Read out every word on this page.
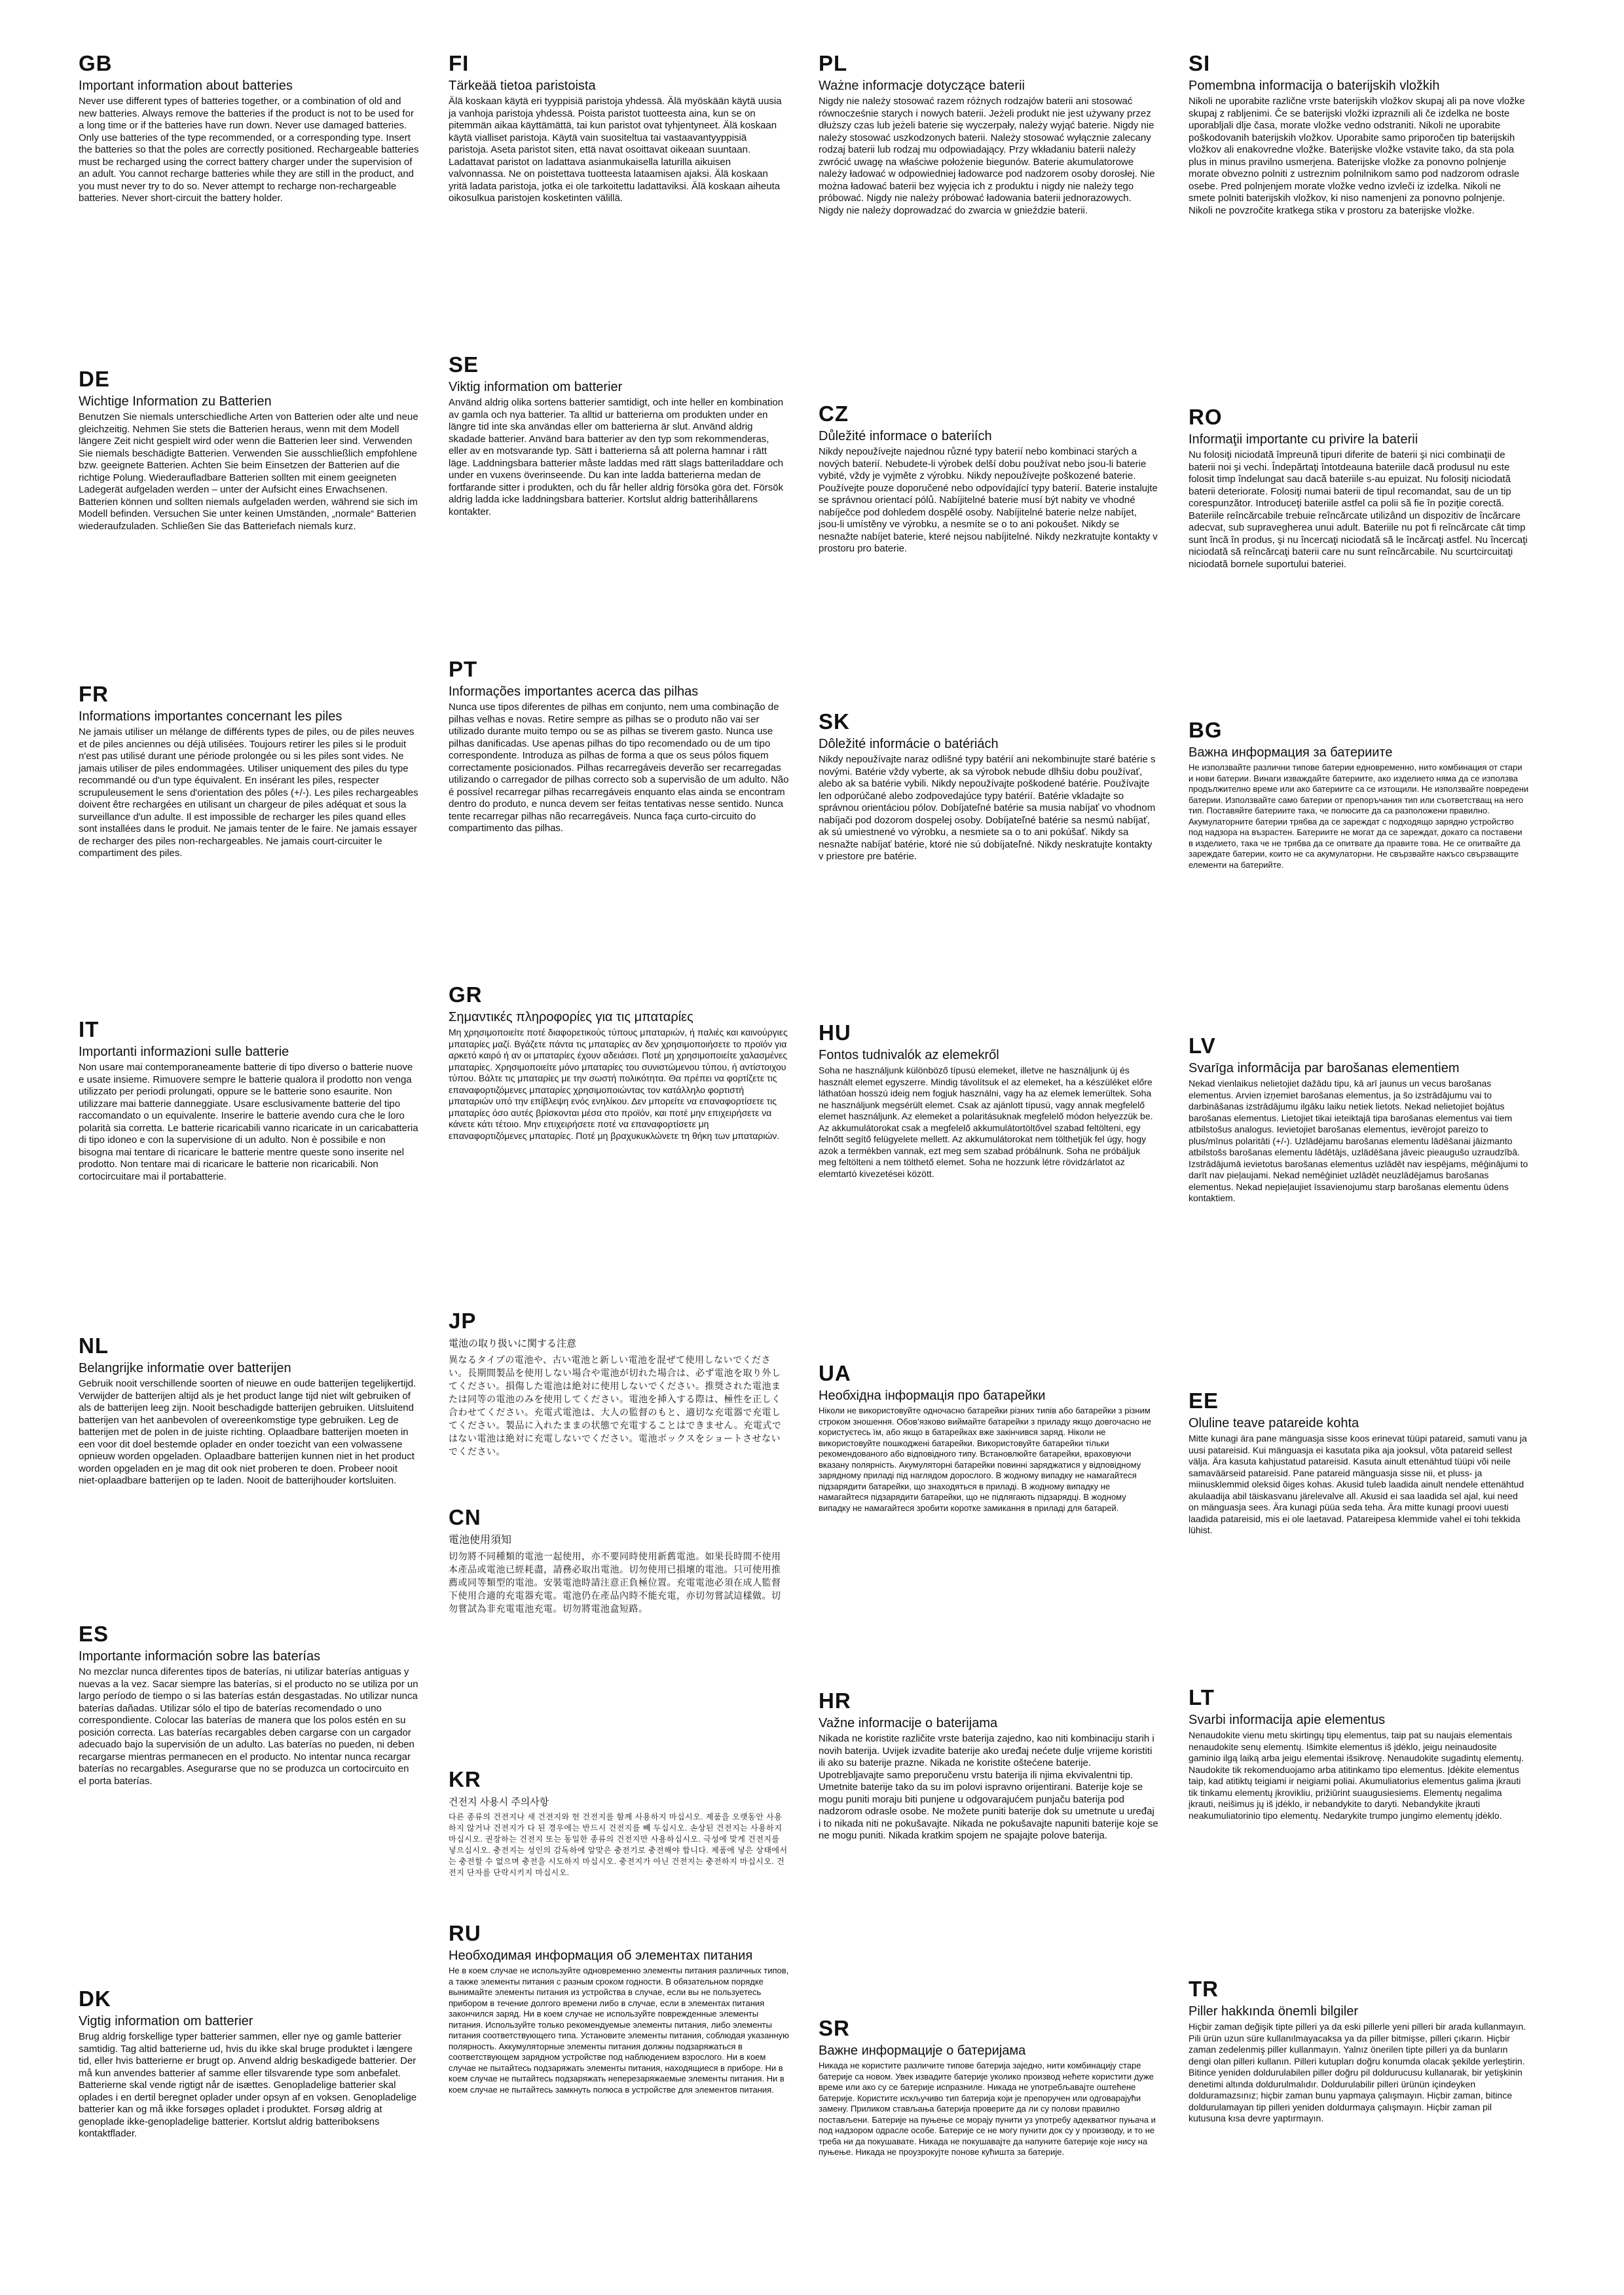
GB
Important information about batteries

Never use different types of batteries together, or a combination of old and new batteries. Always remove the batteries if the product is not to be used for a long time or if the batteries have run down. Never use damaged batteries. Only use batteries of the type recommended, or a corresponding type. Insert the batteries so that the poles are correctly positioned. Rechargeable batteries must be recharged using the correct battery charger under the supervision of an adult. You cannot recharge batteries while they are still in the product, and you must never try to do so. Never attempt to recharge non-rechargeable batteries. Never short-circuit the battery holder.

DE
Wichtige Information zu Batterien

Benutzen Sie niemals unterschiedliche Arten von Batterien oder alte und neue gleichzeitig. Nehmen Sie stets die Batterien heraus, wenn mit dem Modell längere Zeit nicht gespielt wird oder wenn die Batterien leer sind. Verwenden Sie niemals beschädigte Batterien. Verwenden Sie ausschließlich empfohlene bzw. geeignete Batterien. Achten Sie beim Einsetzen der Batterien auf die richtige Polung. Wiederaufladbare Batterien sollten mit einem geeigneten Ladegerät aufgeladen werden – unter der Aufsicht eines Erwachsenen. Batterien können und sollten niemals aufgeladen werden, während sie sich im Modell befinden. Versuchen Sie unter keinen Umständen, „normale“ Batterien wiederaufzuladen. Schließen Sie das Batteriefach niemals kurz.

FR
Informations importantes concernant les piles

Ne jamais utiliser un mélange de différents types de piles, ou de piles neuves et de piles anciennes ou déjà utilisées. Toujours retirer les piles si le produit n'est pas utilisé durant une période prolongée ou si les piles sont vides. Ne jamais utiliser de piles endommagées. Utiliser uniquement des piles du type recommandé ou d'un type équivalent. En insérant les piles, respecter scrupuleusement le sens d'orientation des pôles (+/-). Les piles rechargeables doivent être rechargées en utilisant un chargeur de piles adéquat et sous la surveillance d'un adulte. Il est impossible de recharger les piles quand elles sont installées dans le produit. Ne jamais tenter de le faire. Ne jamais essayer de recharger des piles non-rechargeables. Ne jamais court-circuiter le compartiment des piles.

IT
Importanti informazioni sulle batterie

Non usare mai contemporaneamente batterie di tipo diverso o batterie nuove e usate insieme. Rimuovere sempre le batterie qualora il prodotto non venga utilizzato per periodi prolungati, oppure se le batterie sono esaurite. Non utilizzare mai batterie danneggiate. Usare esclusivamente batterie del tipo raccomandato o un equivalente. Inserire le batterie avendo cura che le loro polarità sia corretta. Le batterie ricaricabili vanno ricaricate in un caricabatteria di tipo idoneo e con la supervisione di un adulto. Non è possibile e non bisogna mai tentare di ricaricare le batterie mentre queste sono inserite nel prodotto. Non tentare mai di ricaricare le batterie non ricaricabili. Non cortocircuitare mai il portabatterie.

NL
Belangrijke informatie over batterijen

Gebruik nooit verschillende soorten of nieuwe en oude batterijen tegelijkertijd. Verwijder de batterijen altijd als je het product lange tijd niet wilt gebruiken of als de batterijen leeg zijn. Nooit beschadigde batterijen gebruiken. Uitsluitend batterijen van het aanbevolen of overeenkomstige type gebruiken. Leg de batterijen met de polen in de juiste richting. Oplaadbare batterijen moeten in een voor dit doel bestemde oplader en onder toezicht van een volwassene opnieuw worden opgeladen. Oplaadbare batterijen kunnen niet in het product worden opgeladen en je mag dit ook niet proberen te doen. Probeer nooit niet-oplaadbare batterijen op te laden. Nooit de batterijhouder kortsluiten.

ES
Importante información sobre las baterías

No mezclar nunca diferentes tipos de baterías, ni utilizar baterías antiguas y nuevas a la vez. Sacar siempre las baterías, si el producto no se utiliza por un largo período de tiempo o si las baterías están desgastadas. No utilizar nunca baterías dañadas. Utilizar sólo el tipo de baterías recomendado o uno correspondiente. Colocar las baterías de manera que los polos estén en su posición correcta. Las baterías recargables deben cargarse con un cargador adecuado bajo la supervisión de un adulto. Las baterías no pueden, ni deben recargarse mientras permanecen en el producto. No intentar nunca recargar baterías no recargables. Asegurarse que no se produzca un cortocircuito en el porta baterías.

DK
Vigtig information om batterier

Brug aldrig forskellige typer batterier sammen, eller nye og gamle batterier samtidig. Tag altid batterierne ud, hvis du ikke skal bruge produktet i længere tid, eller hvis batterierne er brugt op. Anvend aldrig beskadigede batterier. Der må kun anvendes batterier af samme eller tilsvarende type som anbefalet. Batterierne skal vende rigtigt når de isættes. Genopladelige batterier skal oplades i en dertil beregnet oplader under opsyn af en voksen. Genopladelige batterier kan og må ikke forsøges opladet i produktet. Forsøg aldrig at genoplade ikke-genopladelige batterier. Kortslut aldrig batteriboksens kontaktflader.

FI
Tärkeää tietoa paristoista

Älä koskaan käytä eri tyyppisiä paristoja yhdessä. Älä myöskään käytä uusia ja vanhoja paristoja yhdessä. Poista paristot tuotteesta aina, kun se on pitemmän aikaa käyttämättä, tai kun paristot ovat tyhjentyneet. Älä koskaan käytä vialliset paristoja. Käytä vain suositeltua tai vastaavantyyppisiä paristoja. Aseta paristot siten, että navat osoittavat oikeaan suuntaan. Ladattavat paristot on ladattava asianmukaisella laturilla aikuisen valvonnassa. Ne on poistettava tuotteesta lataamisen ajaksi. Älä koskaan yritä ladata paristoja, jotka ei ole tarkoitettu ladattaviksi. Älä koskaan aiheuta oikosulkua paristojen kosketinten välillä.

SE
Viktig information om batterier

Använd aldrig olika sortens batterier samtidigt, och inte heller en kombination av gamla och nya batterier. Ta alltid ur batterierna om produkten under en längre tid inte ska användas eller om batterierna är slut. Använd aldrig skadade batterier. Använd bara batterier av den typ som rekommenderas, eller av en motsvarande typ. Sätt i batterierna så att polerna hamnar i rätt läge. Laddningsbara batterier måste laddas med rätt slags batteriladdare och under en vuxens överinseende. Du kan inte ladda batterierna medan de fortfarande sitter i produkten, och du får heller aldrig försöka göra det. Försök aldrig ladda icke laddningsbara batterier. Kortslut aldrig batterihållarens kontakter.

PT
Informações importantes acerca das pilhas

Nunca use tipos diferentes de pilhas em conjunto, nem uma combinação de pilhas velhas e novas. Retire sempre as pilhas se o produto não vai ser utilizado durante muito tempo ou se as pilhas se tiverem gasto. Nunca use pilhas danificadas. Use apenas pilhas do tipo recomendado ou de um tipo correspondente. Introduza as pilhas de forma a que os seus pólos fiquem correctamente posicionados. Pilhas recarregáveis deverão ser recarregadas utilizando o carregador de pilhas correcto sob a supervisão de um adulto. Não é possível recarregar pilhas recarregáveis enquanto elas ainda se encontram dentro do produto, e nunca devem ser feitas tentativas nesse sentido. Nunca tente recarregar pilhas não recarregáveis. Nunca faça curto-circuito do compartimento das pilhas.

GR
Σημαντικές πληροφορίες για τις μπαταρίες

Μη χρησιμοποιείτε ποτέ διαφορετικούς τύπους μπαταριών, ή παλιές και καινούργιες μπαταρίες μαζί. Βγάζετε πάντα τις μπαταρίες αν δεν χρησιμοποιήσετε το προϊόν για αρκετό καιρό ή αν οι μπαταρίες έχουν αδειάσει. Ποτέ μη χρησιμοποιείτε χαλασμένες μπαταρίες. Χρησιμοποιείτε μόνο μπαταρίες του συνιστώμενου τύπου, ή αντίστοιχου τύπου. Βάλτε τις μπαταρίες με την σωστή πολικότητα. Θα πρέπει να φορτίζετε τις επαναφορτιζόμενες μπαταρίες χρησιμοποιώντας τον κατάλληλο φορτιστή μπαταριών υπό την επίβλεψη ενός ενηλίκου. Δεν μπορείτε να επαναφορτίσετε τις μπαταρίες όσο αυτές βρίσκονται μέσα στο προϊόν, και ποτέ μην επιχειρήσετε να κάνετε κάτι τέτοιο. Μην επιχειρήσετε ποτέ να επαναφορτίσετε μη επαναφορτιζόμενες μπαταρίες. Ποτέ μη βραχυκυκλώνετε τη θήκη των μπαταριών.

JP
電池の取り扱いに関する注意

異なるタイプの電池や、古い電池と新しい電池を混ぜて使用しないでください。長期間製品を使用しない場合や電池が切れた場合は、必ず電池を取り外してください。損傷した電池は絶対に使用しないでください。推奨された電池または同等の電池のみを使用してください。電池を挿入する際は、極性を正しく合わせてください。充電式電池は、大人の監督のもと、適切な充電器で充電してください。製品に入れたままの状態で充電することはできません。充電式ではない電池は絶対に充電しないでください。電池ボックスをショートさせないでください。

CN
電池使用須知

切勿將不同種類的電池一起使用，亦不要同時使用新舊電池。如果長時間不使用本產品或電池已經耗盡，請務必取出電池。切勿使用已損壞的電池。只可使用推薦或同等類型的電池。安裝電池時請注意正負極位置。充電電池必須在成人監督下使用合適的充電器充電。電池仍在產品內時不能充電，亦切勿嘗試這樣做。切勿嘗試為非充電電池充電。切勿將電池盒短路。

KR
건전지 사용시 주의사항

다른 종류의 건전지나 새 건전지와 헌 건전지를 함께 사용하지 마십시오. 제품을 오랫동안 사용하지 않거나 건전지가 다 된 경우에는 반드시 건전지를 빼 두십시오. 손상된 건전지는 사용하지 마십시오. 권장하는 건전지 또는 동일한 종류의 건전지만 사용하십시오. 극성에 맞게 건전지를 넣으십시오. 충전지는 성인의 감독하에 알맞은 충전기로 충전해야 합니다. 제품에 넣은 상태에서는 충전할 수 없으며 충전을 시도하지 마십시오. 충전지가 아닌 건전지는 충전하지 마십시오. 건전지 단자를 단락시키지 마십시오.

RU
Необходимая информация об элементах питания

Не в коем случае не используйте одновременно элементы питания различных типов, а также элементы питания с разным сроком годности. В обязательном порядке вынимайте элементы питания из устройства в случае, если вы не пользуетесь прибором в течение долгого времени либо в случае, если в элементах питания закончился заряд. Ни в коем случае не используйте поврежденные элементы питания. Используйте только рекомендуемые элементы питания, либо элементы питания соответствующего типа. Установите элементы питания, соблюдая указанную полярность. Аккумуляторные элементы питания должны подзаряжаться в соответствующем зарядном устройстве под наблюдением взрослого. Ни в коем случае не пытайтесь подзаряжать элементы питания, находящиеся в приборе. Ни в коем случае не пытайтесь подзаряжать неперезаряжаемые элементы питания. Ни в коем случае не пытайтесь замкнуть полюса в устройстве для элементов питания.

PL
Ważne informacje dotyczące baterii

Nigdy nie należy stosować razem różnych rodzajów baterii ani stosować równocześnie starych i nowych baterii. Jeżeli produkt nie jest używany przez dłuższy czas lub jeżeli baterie się wyczerpały, należy wyjąć baterie. Nigdy nie należy stosować uszkodzonych baterii. Należy stosować wyłącznie zalecany rodzaj baterii lub rodzaj mu odpowiadający. Przy wkładaniu baterii należy zwrócić uwagę na właściwe położenie biegunów. Baterie akumulatorowe należy ładować w odpowiedniej ładowarce pod nadzorem osoby dorosłej. Nie można ładować baterii bez wyjęcia ich z produktu i nigdy nie należy tego próbować. Nigdy nie należy próbować ładowania baterii jednorazowych. Nigdy nie należy doprowadzać do zwarcia w gnieździe baterii.

CZ
Důležité informace o bateriích

Nikdy nepoužívejte najednou různé typy baterií nebo kombinaci starých a nových baterií. Nebudete-li výrobek delší dobu používat nebo jsou-li baterie vybité, vždy je vyjměte z výrobku. Nikdy nepoužívejte poškozené baterie. Používejte pouze doporučené nebo odpovídající typy baterií. Baterie instalujte se správnou orientací pólů. Nabíjitelné baterie musí být nabity ve vhodné nabíječce pod dohledem dospělé osoby. Nabíjitelné baterie nelze nabíjet, jsou-li umístěny ve výrobku, a nesmíte se o to ani pokoušet. Nikdy se nesnažte nabíjet baterie, které nejsou nabíjitelné. Nikdy nezkratujte kontakty v prostoru pro baterie.

SK
Dôležité informácie o batériách

Nikdy nepoužívajte naraz odlišné typy batérií ani nekombinujte staré batérie s novými. Batérie vždy vyberte, ak sa výrobok nebude dlhšiu dobu používať, alebo ak sa batérie vybili. Nikdy nepoužívajte poškodené batérie. Používajte len odporúčané alebo zodpovedajúce typy batérií. Batérie vkladajte so správnou orientáciou pólov. Dobíjateľné batérie sa musia nabíjať vo vhodnom nabíjači pod dozorom dospelej osoby. Dobíjateľné batérie sa nesmú nabíjať, ak sú umiestnené vo výrobku, a nesmiete sa o to ani pokúšať. Nikdy sa nesnažte nabíjať batérie, ktoré nie sú dobíjateľné. Nikdy neskratujte kontakty v priestore pre batérie.

HU
Fontos tudnivalók az elemekről

Soha ne használjunk különböző típusú elemeket, illetve ne használjunk új és használt elemet egyszerre. Mindig távolítsuk el az elemeket, ha a készüléket előre láthatóan hosszú ideig nem fogjuk használni, vagy ha az elemek lemerültek. Soha ne használjunk megsérült elemet. Csak az ajánlott típusú, vagy annak megfelelő elemet használjunk. Az elemeket a polaritásuknak megfelelő módon helyezzük be. Az akkumulátorokat csak a megfelelő akkumulátortöltővel szabad feltölteni, egy felnőtt segítő felügyelete mellett. Az akkumulátorokat nem tölthetjük fel úgy, hogy azok a termékben vannak, ezt meg sem szabad próbálnunk. Soha ne próbáljuk meg feltölteni a nem tölthető elemet. Soha ne hozzunk létre rövidzárlatot az elemtartó kivezetései között.

UA
Необхідна інформація про батарейки

Ніколи не використовуйте одночасно батарейки різних типів або батарейки з різним строком зношення. Обов’язково виймайте батарейки з приладу якщо довгочасно не користуєтесь їм, або якщо в батарейках вже закінчився заряд. Ніколи не використовуйте пошкоджені батарейки. Використовуйте батарейки тільки рекомендованого або відповідного типу. Встановлюйте батарейки, враховуючи вказану полярність. Акумуляторні батарейки повинні заряджатися у відповідному зарядному приладі під наглядом дорослого. В жодному випадку не намагайтеся підзарядити батарейки, що знаходяться в приладі. В жодному випадку не намагайтеся підзарядити батарейки, що не підлягають підзарядці. В жодному випадку не намагайтеся зробити коротке замикання в приладі для батарей.

HR
Važne informacije o baterijama

Nikada ne koristite različite vrste baterija zajedno, kao niti kombinaciju starih i novih baterija. Uvijek izvadite baterije ako uređaj nećete dulje vrijeme koristiti ili ako su baterije prazne. Nikada ne koristite oštećene baterije. Upotrebljavajte samo preporučenu vrstu baterija ili njima ekvivalentni tip. Umetnite baterije tako da su im polovi ispravno orijentirani. Baterije koje se mogu puniti moraju biti punjene u odgovarajućem punjaču baterija pod nadzorom odrasle osobe. Ne možete puniti baterije dok su umetnute u uređaj i to nikada niti ne pokušavajte. Nikada ne pokušavajte napuniti baterije koje se ne mogu puniti. Nikada kratkim spojem ne spajajte polove baterija.

SR
Важне информације о батеријама

Никада не користите различите типове батерија заједно, нити комбинацију старе батерије са новом. Увек извадите батерије уколико производ нећете користити дуже време или ако су се батерије испразниле. Никада не употребљавајте оштећене батерије. Користите искључиво тип батерија који је препоручен или одговарајући замену. Приликом стављања батерија проверите да ли су полови правилно постављени. Батерије на пуњење се морају пунити уз употребу адекватног пуњача и под надзором одрасле особе. Батерије се не могу пунити док су у производу, и то не треба ни да покушавате. Никада не покушавајте да напуните батерије које нису на пуњење. Никада не проузрокујте понове кућишта за батерије.

SI
Pomembna informacija o baterijskih vložkih

Nikoli ne uporabite različne vrste baterijskih vložkov skupaj ali pa nove vložke skupaj z rabljenimi. Če se baterijski vložki izpraznili ali če izdelka ne boste uporabljali dlje časa, morate vložke vedno odstraniti. Nikoli ne uporabite poškodovanih baterijskih vložkov. Uporabite samo priporočen tip baterijskih vložkov ali enakovredne vložke. Baterijske vložke vstavite tako, da sta pola plus in minus pravilno usmerjena. Baterijske vložke za ponovno polnjenje morate obvezno polniti z ustreznim polnilnikom samo pod nadzorom odrasle osebe. Pred polnjenjem morate vložke vedno izvleči iz izdelka. Nikoli ne smete polniti baterijskih vložkov, ki niso namenjeni za ponovno polnjenje. Nikoli ne povzročite kratkega stika v prostoru za baterijske vložke.

RO
Informaţii importante cu privire la baterii

Nu folosiţi niciodată împreună tipuri diferite de baterii şi nici combinaţii de baterii noi şi vechi. Îndepărtaţi întotdeauna bateriile dacă produsul nu este folosit timp îndelungat sau dacă bateriile s-au epuizat. Nu folosiţi niciodată baterii deteriorate. Folosiţi numai baterii de tipul recomandat, sau de un tip corespunzător. Introduceţi bateriile astfel ca polii să fie în poziţie corectă. Bateriile reîncărcabile trebuie reîncărcate utilizând un dispozitiv de încărcare adecvat, sub supravegherea unui adult. Bateriile nu pot fi reîncărcate cât timp sunt încă în produs, şi nu încercaţi niciodată să le încărcaţi astfel. Nu încercaţi niciodată să reîncărcaţi baterii care nu sunt reîncărcabile. Nu scurtcircuitaţi niciodată bornele suportului bateriei.

BG
Важна информация за батериите

Не използвайте различни типове батерии едновременно, нито комбинация от стари и нови батерии. Винаги изваждайте батериите, ако изделието няма да се използва продължително време или ако батериите са се изтощили. Не използвайте повредени батерии. Използвайте само батерии от препоръчания тип или съответстващ на него тип. Поставяйте батериите така, че полюсите да са разположени правилно. Акумулаторните батерии трябва да се зареждат с подходящо зарядно устройство под надзора на възрастен. Батериите не могат да се зареждат, докато са поставени в изделието, така че не трябва да се опитвате да правите това. Не се опитвайте да зареждате батерии, които не са акумулаторни. Не свързвайте накъсо свързващите елементи на батерийте.

LV
Svarīga informācija par barošanas elementiem

Nekad vienlaikus nelietojiet dažādu tipu, kā arī jaunus un vecus barošanas elementus. Arvien izņemiet barošanas elementus, ja šo izstrādājumu vai to darbināšanas izstrādājumu ilgāku laiku netiek lietots. Nekad nelietojiet bojātus barošanas elementus. Lietojiet tikai ieteiktajā tipa barošanas elementus vai tiem atbilstošus analogus. Ievietojiet barošanas elementus, ievērojot pareizo to plus/mīnus polaritāti (+/-). Uzlādējamu barošanas elementu lādēšanai jāizmanto atbilstošs barošanas elementu lādētājs, uzlādēšana jāveic pieaugušo uzraudzībā. Izstrādājumā ievietotus barošanas elementus uzlādēt nav iespējams, mēģinājumi to darīt nav pieļaujami. Nekad nemēģiniet uzlādēt neuzlādējamus barošanas elementus. Nekad nepieļaujiet īssavienojumu starp barošanas elementu ūdens kontaktiem.

EE
Oluline teave patareide kohta

Mitte kunagi ära pane mänguasja sisse koos erinevat tüüpi patareid, samuti vanu ja uusi patareisid. Kui mänguasja ei kasutata pika aja jooksul, võta patareid sellest välja. Ära kasuta kahjustatud patareisid. Kasuta ainult ettenähtud tüüpi või neile samaväärseid patareisid. Pane patareid mänguasja sisse nii, et pluss- ja miinusklemmid oleksid õiges kohas. Akusid tuleb laadida ainult nendele ettenähtud akulaadija abil täiskasvanu järelevalve all. Akusid ei saa laadida sel ajal, kui need on mänguasja sees. Ära kunagi püüa seda teha. Ära mitte kunagi proovi uuesti laadida patareisid, mis ei ole laetavad. Patareipesa klemmide vahel ei tohi tekkida lühist.

LT
Svarbi informacija apie elementus

Nenaudokite vienu metu skirtingų tipų elementus, taip pat su naujais elementais nenaudokite senų elementų. Išimkite elementus iš įdėklo, jeigu neinaudosite gaminio ilgą laiką arba jeigu elementai išsikrovę. Nenaudokite sugadintų elementų. Naudokite tik rekomenduojamo arba atitinkamo tipo elementus. Įdėkite elementus taip, kad atitiktų teigiami ir neigiami poliai. Akumuliatorius elementus galima įkrauti tik tinkamu elementų įkrovikliu, prižiūrint suaugusiesiems. Elementų negalima įkrauti, neišimus jų iš įdėklo, ir nebandykite to daryti. Nebandykite įkrauti neakumuliatorinio tipo elementų. Nedarykite trumpo jungimo elementų įdėklo.

TR
Piller hakkında önemli bilgiler

Hiçbir zaman değişik tipte pilleri ya da eski pillerle yeni pilleri bir arada kullanmayın. Pili ürün uzun süre kullanılmayacaksa ya da piller bitmişse, pilleri çıkarın. Hiçbir zaman zedelenmiş piller kullanmayın. Yalnız önerilen tipte pilleri ya da bunların dengi olan pilleri kullanın. Pilleri kutupları doğru konumda olacak şekilde yerleştirin. Bitince yeniden doldurulabilen piller doğru pil doldurucusu kullanarak, bir yetişkinin denetimi altında doldurulmalıdır. Doldurulabilir pilleri ürünün içindeyken dolduramazsınız; hiçbir zaman bunu yapmaya çalışmayın. Hiçbir zaman, bitince doldurulamayan tip pilleri yeniden doldurmaya çalışmayın. Hiçbir zaman pil kutusuna kısa devre yaptırmayın.
